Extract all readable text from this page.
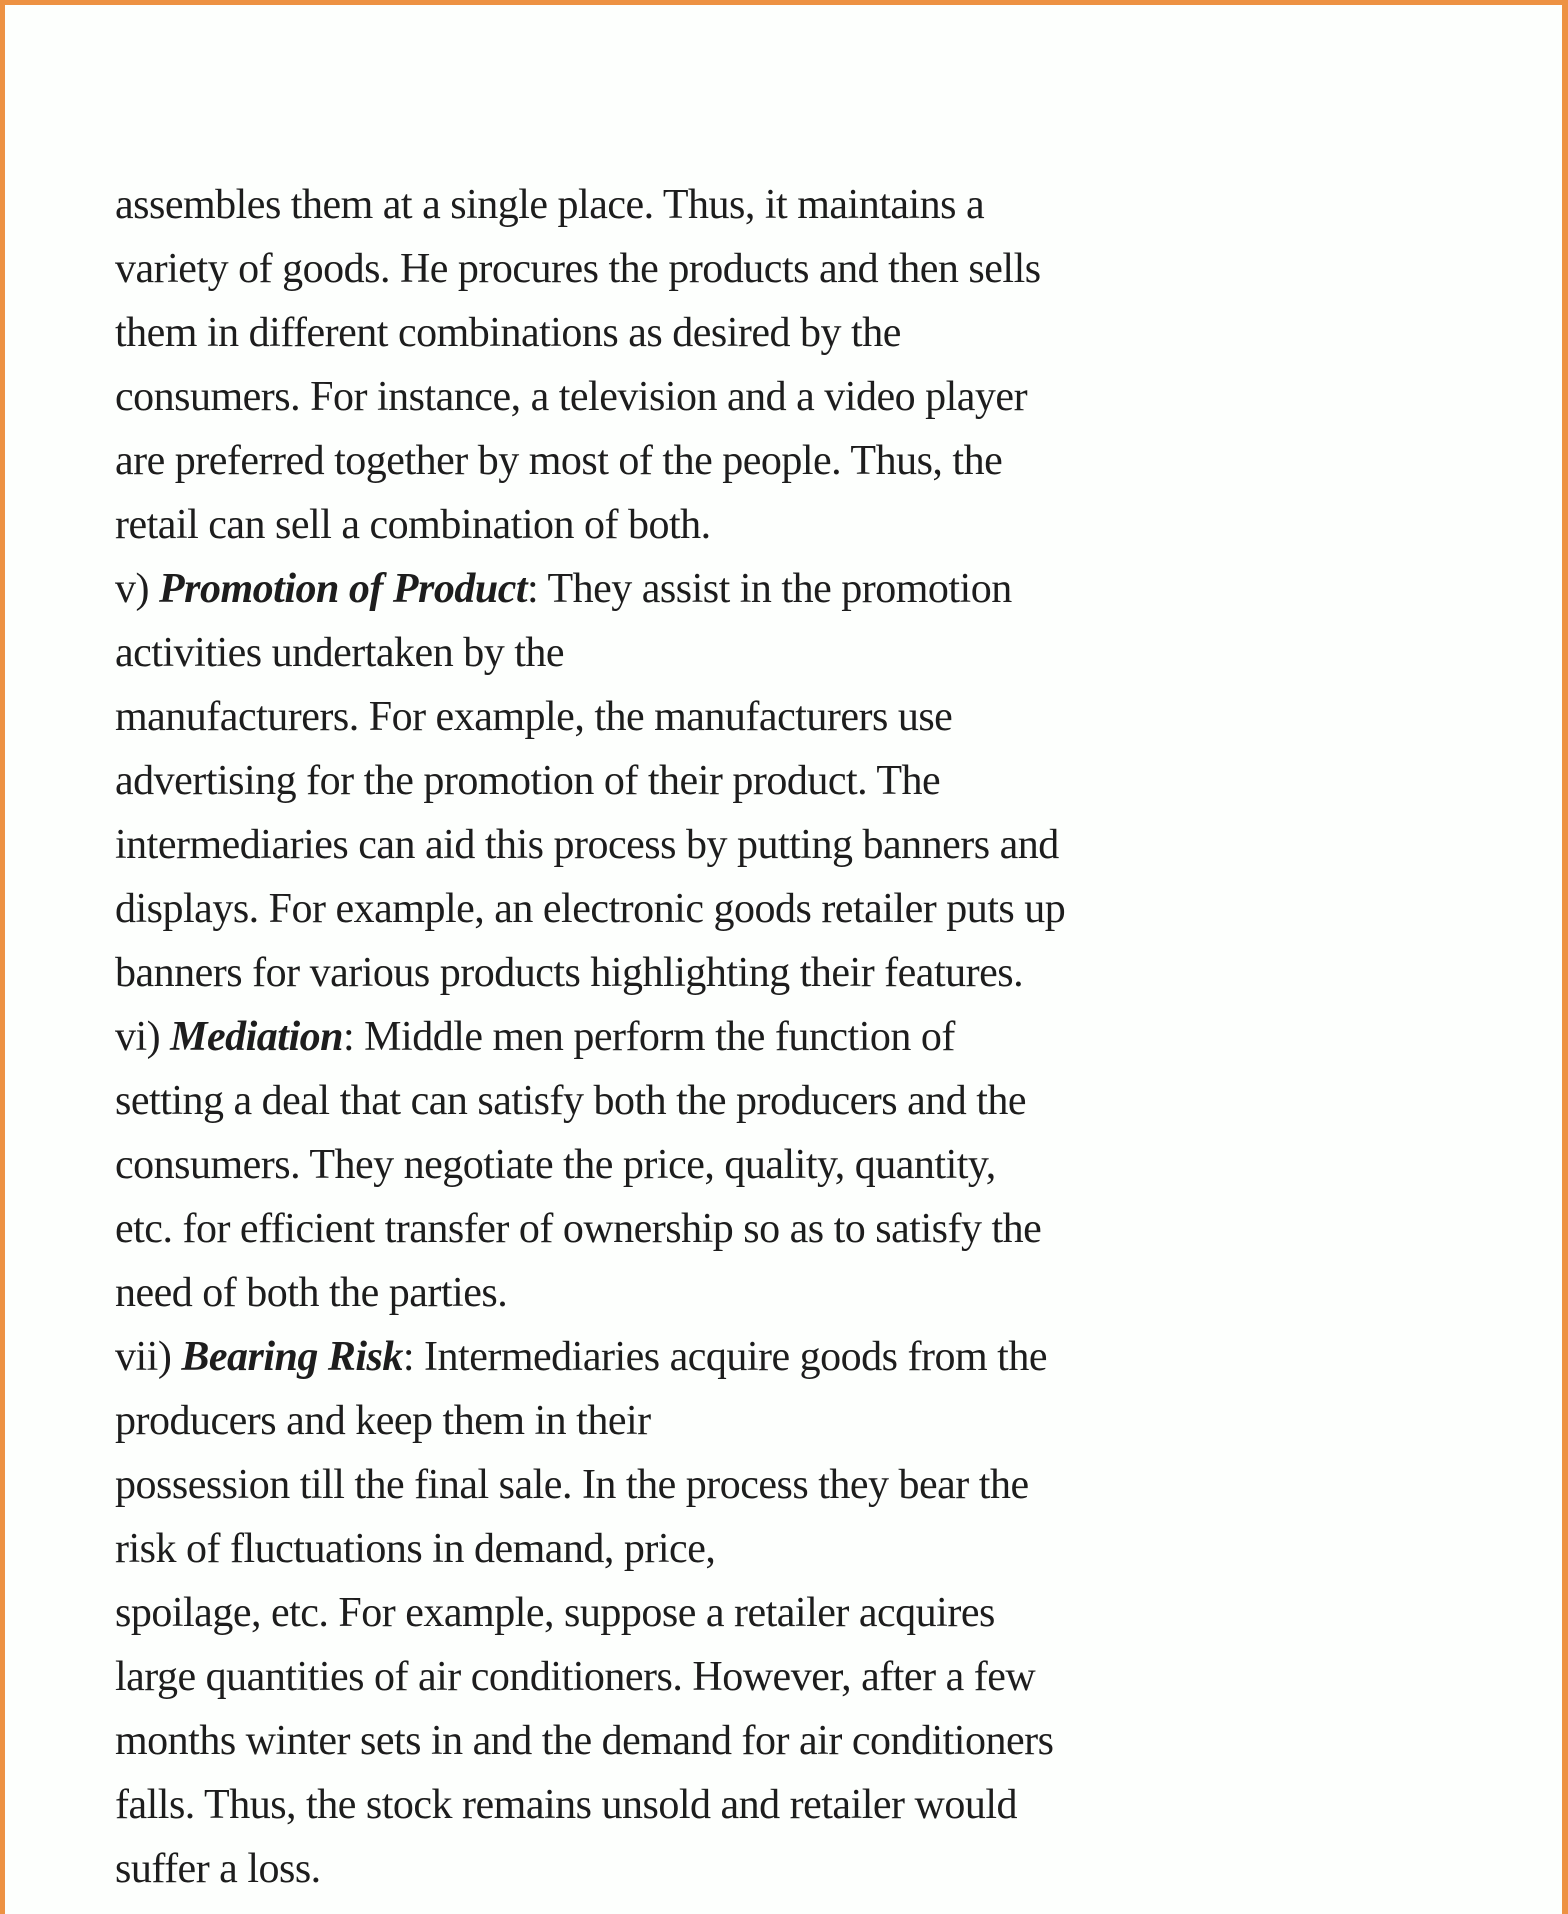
assembles them at a single place. Thus, it maintains a
variety of goods. He procures the products and then sells
them in different combinations as desired by the
consumers. For instance, a television and a video player
are preferred together by most of the people. Thus, the
retail can sell a combination of both.
v) Promotion of Product: They assist in the promotion
activities undertaken by the
manufacturers. For example, the manufacturers use
advertising for the promotion of their product. The
intermediaries can aid this process by putting banners and
displays. For example, an electronic goods retailer puts up
banners for various products highlighting their features.
vi) Mediation: Middle men perform the function of
setting a deal that can satisfy both the producers and the
consumers. They negotiate the price, quality, quantity,
etc. for efficient transfer of ownership so as to satisfy the
need of both the parties.
vii) Bearing Risk: Intermediaries acquire goods from the
producers and keep them in their
possession till the final sale. In the process they bear the
risk of fluctuations in demand, price,
spoilage, etc. For example, suppose a retailer acquires
large quantities of air conditioners. However, after a few
months winter sets in and the demand for air conditioners
falls. Thus, the stock remains unsold and retailer would
suffer a loss.
